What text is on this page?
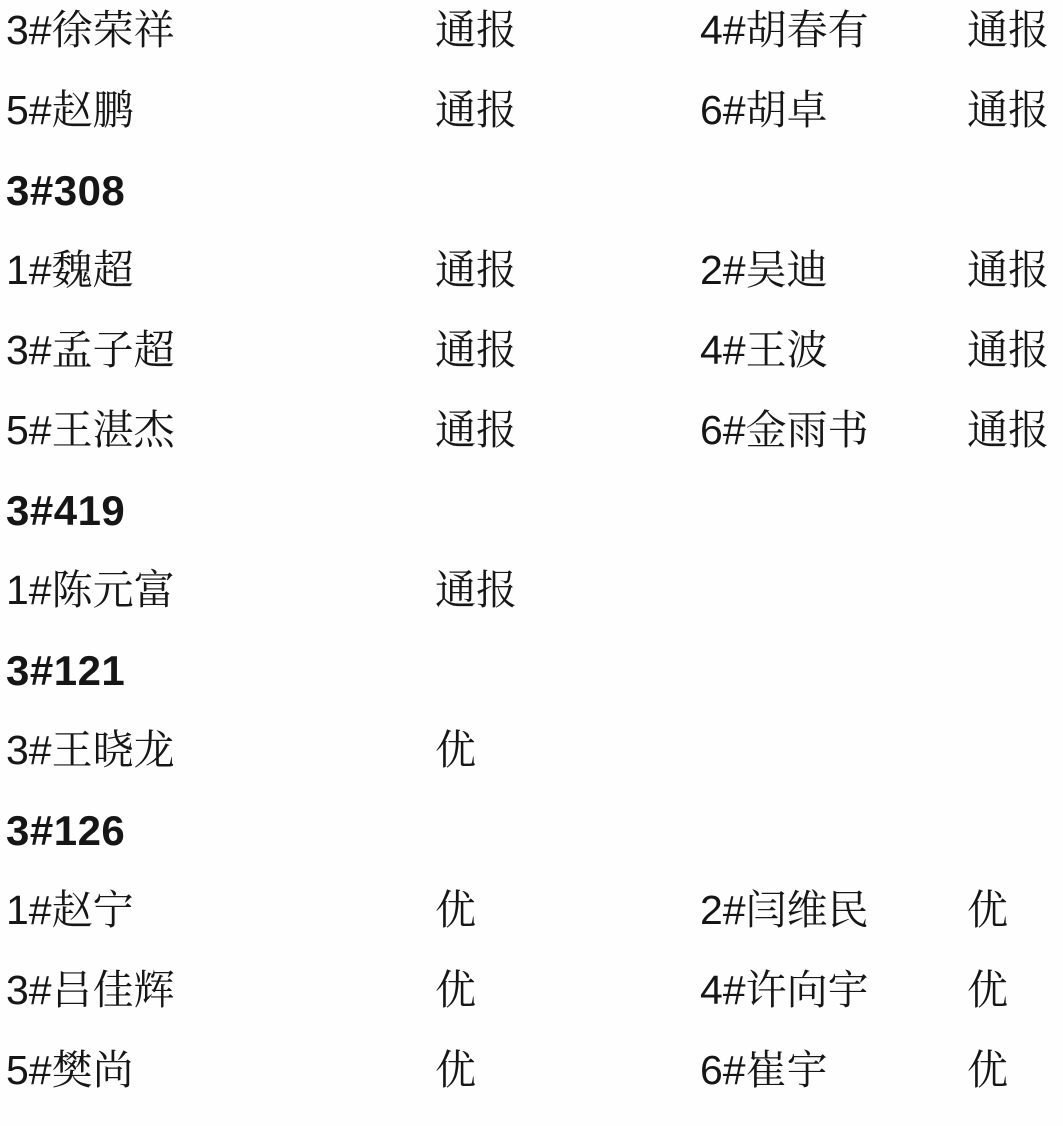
3#徐荣祥	通报	4#胡春有	通报
5#赵鹏	通报	6#胡卓	通报
3#308
1#魏超	通报	2#吴迪	通报
3#孟子超	通报	4#王波	通报
5#王湛杰	通报	6#金雨书	通报
3#419
1#陈元富	通报
3#121
3#王晓龙	优
3#126
1#赵宁	优	2#闫维民	优
3#吕佳辉	优	4#许向宇	优
5#樊尚	优	6#崔宇	优
